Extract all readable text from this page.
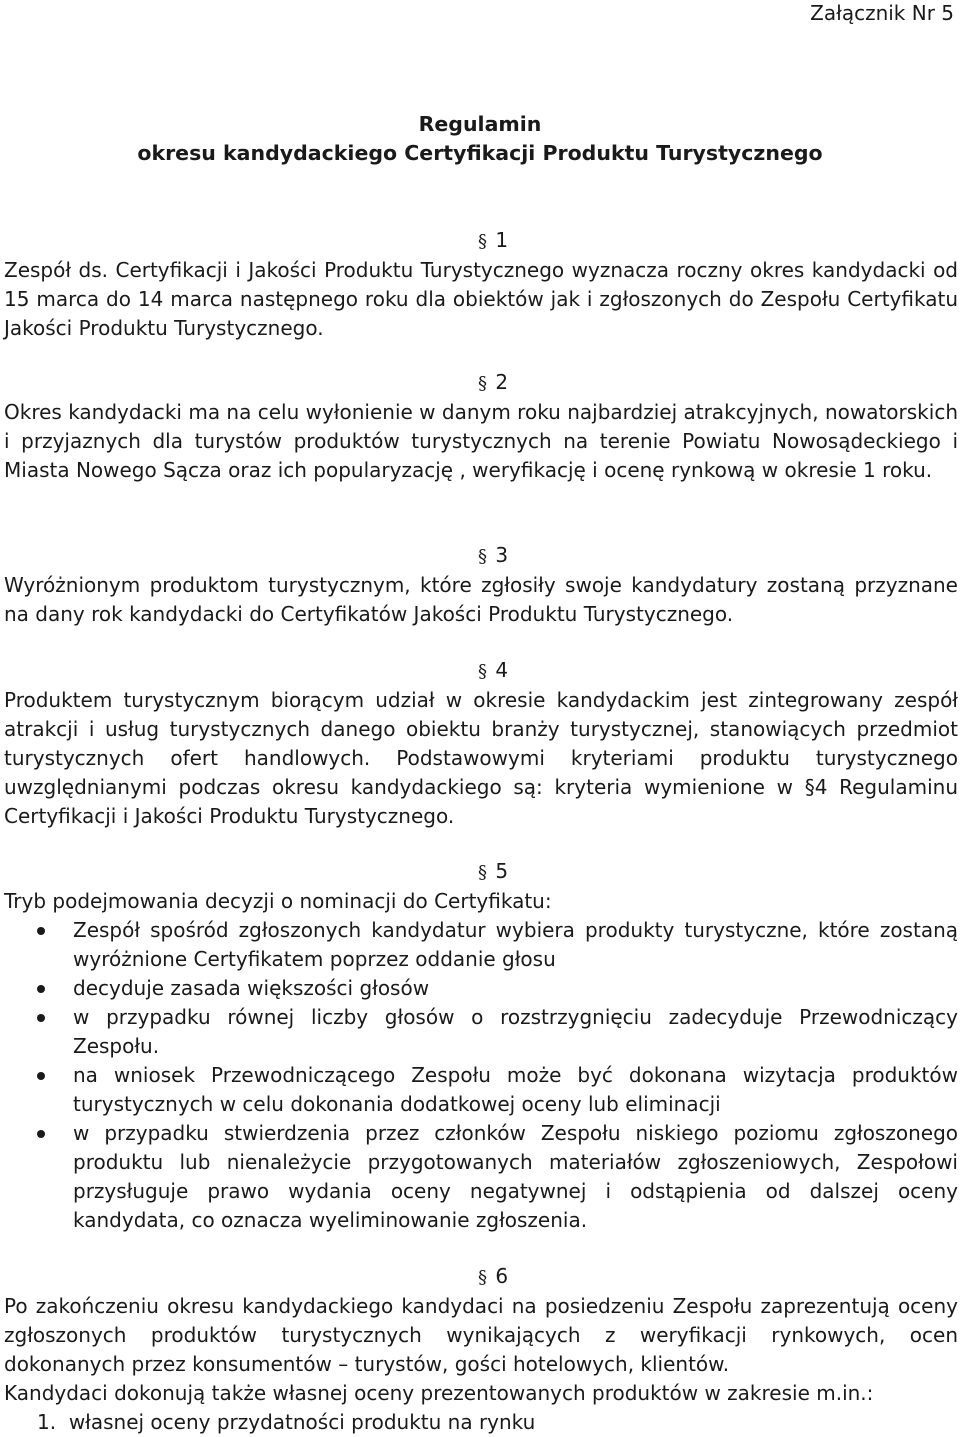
Załącznik Nr 5
Regulamin
okresu kandydackiego Certyfikacji Produktu Turystycznego
§ 1

Zespół ds. Certyfikacji i Jakości Produktu Turystycznego wyznacza roczny okres kandydacki od 15 marca do 14 marca następnego roku dla obiektów jak i zgłoszonych do Zespołu Certyfikatu Jakości Produktu Turystycznego.

§ 2

Okres kandydacki ma na celu wyłonienie w danym roku najbardziej atrakcyjnych, nowatorskich i przyjaznych dla turystów produktów turystycznych na terenie Powiatu Nowosądeckiego i Miasta Nowego Sącza oraz ich popularyzację , weryfikację i ocenę rynkową w okresie 1 roku.

§ 3

Wyróżnionym produktom turystycznym, które zgłosiły swoje kandydatury zostaną przyznane na dany rok kandydacki do Certyfikatów Jakości Produktu Turystycznego.

§ 4

Produktem turystycznym biorącym udział w okresie kandydackim jest zintegrowany zespół atrakcji i usług turystycznych danego obiektu branży turystycznej, stanowiących przedmiot turystycznych ofert handlowych. Podstawowymi kryteriami produktu turystycznego uwzględnianymi podczas okresu kandydackiego są: kryteria wymienione w §4 Regulaminu Certyfikacji i Jakości Produktu Turystycznego.

§ 5

Tryb podejmowania decyzji o nominacji do Certyfikatu:

Zespół spośród zgłoszonych kandydatur wybiera produkty turystyczne, które zostaną wyróżnione Certyfikatem poprzez oddanie głosu
decyduje zasada większości głosów
w przypadku równej liczby głosów o rozstrzygnięciu zadecyduje Przewodniczący Zespołu.
na wniosek Przewodniczącego Zespołu może być dokonana wizytacja produktów turystycznych w celu dokonania dodatkowej oceny lub eliminacji
w przypadku stwierdzenia przez członków Zespołu niskiego poziomu zgłoszonego produktu lub nienależycie przygotowanych materiałów zgłoszeniowych, Zespołowi przysługuje prawo wydania oceny negatywnej i odstąpienia od dalszej oceny kandydata, co oznacza wyeliminowanie zgłoszenia.
§ 6

Po zakończeniu okresu kandydackiego kandydaci na posiedzeniu Zespołu zaprezentują oceny zgłoszonych produktów turystycznych wynikających z weryfikacji rynkowych, ocen dokonanych przez konsumentów – turystów, gości hotelowych, klientów.

Kandydaci dokonują także własnej oceny prezentowanych produktów w zakresie m.in.:

1. własnej oceny przydatności produktu na rynku
